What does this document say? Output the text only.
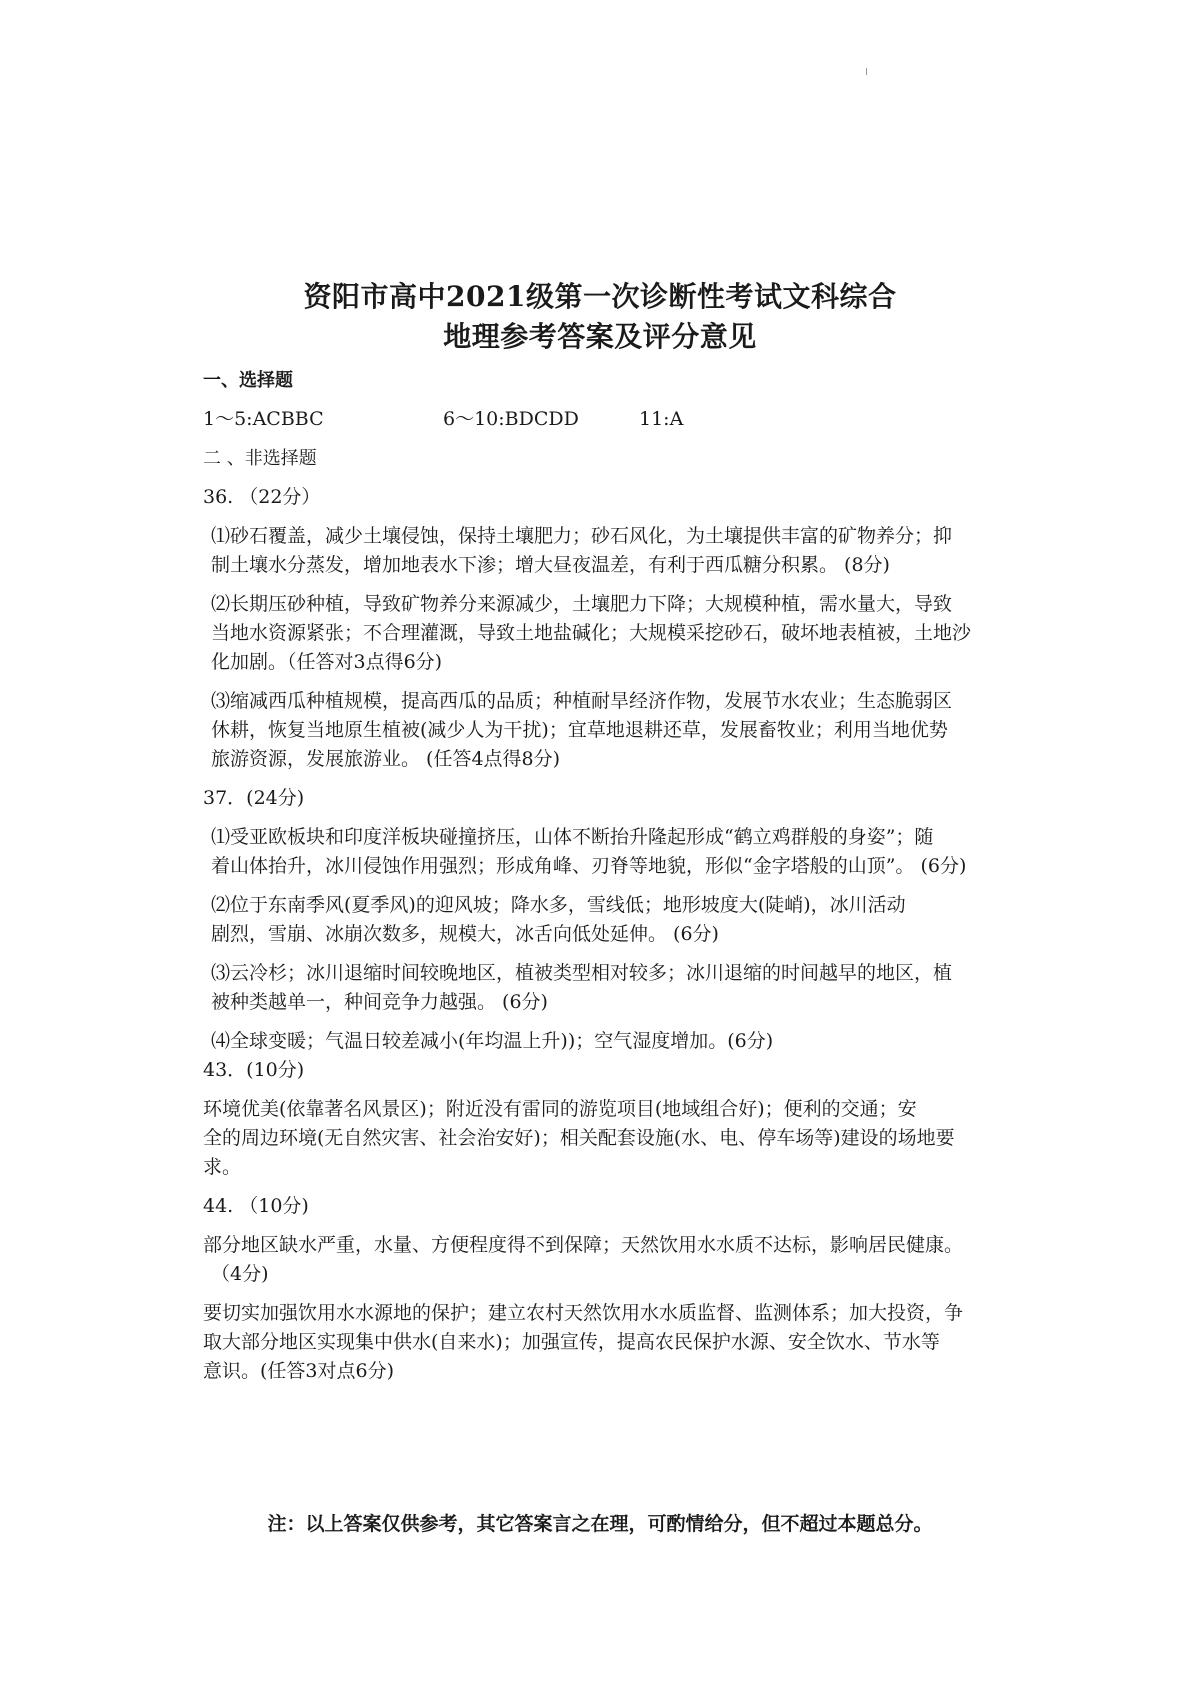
资阳市高中2021级第一次诊断性考试文科综合
地理参考答案及评分意见
一、选择题
1～5:ACBBC	6～10:BDCDD	11:A
二 、非选择题
36. （22分）
⑴砂石覆盖，减少土壤侵蚀，保持土壤肥力；砂石风化，为土壤提供丰富的矿物养分；抑
制土壤水分蒸发，增加地表水下渗；增大昼夜温差，有利于西瓜糖分积累。 (8分)
⑵长期压砂种植，导致矿物养分来源减少，土壤肥力下降；大规模种植，需水量大，导致
当地水资源紧张；不合理灌溉，导致土地盐碱化；大规模采挖砂石，破坏地表植被，土地沙
化加剧。（任答对3点得6分)
⑶缩减西瓜种植规模，提高西瓜的品质；种植耐旱经济作物，发展节水农业；生态脆弱区
休耕，恢复当地原生植被(减少人为干扰)；宜草地退耕还草，发展畜牧业；利用当地优势
旅游资源，发展旅游业。 (任答4点得8分)
37．(24分)
⑴受亚欧板块和印度洋板块碰撞挤压，山体不断抬升隆起形成“鹤立鸡群般的身姿”；随
着山体抬升，冰川侵蚀作用强烈；形成角峰、刃脊等地貌，形似“金字塔般的山顶”。 (6分)
⑵位于东南季风(夏季风)的迎风坡；降水多，雪线低；地形坡度大(陡峭)，冰川活动
剧烈，雪崩、冰崩次数多，规模大，冰舌向低处延伸。 (6分)
⑶云冷杉；冰川退缩时间较晚地区，植被类型相对较多；冰川退缩的时间越早的地区，植
被种类越单一，种间竞争力越强。 (6分)
⑷全球变暖；气温日较差减小(年均温上升))；空气湿度增加。(6分)
43．(10分)
环境优美(依靠著名风景区)；附近没有雷同的游览项目(地域组合好)；便利的交通；安
全的周边环境(无自然灾害、社会治安好)；相关配套设施(水、电、停车场等)建设的场地要
求。
44. （10分)
部分地区缺水严重，水量、方便程度得不到保障；天然饮用水水质不达标，影响居民健康。
（4分)
要切实加强饮用水水源地的保护；建立农村天然饮用水水质监督、监测体系；加大投资，争
取大部分地区实现集中供水(自来水)；加强宣传，提高农民保护水源、安全饮水、节水等
意识。(任答3对点6分)
注：以上答案仅供参考，其它答案言之在理，可酌情给分，但不超过本题总分。
